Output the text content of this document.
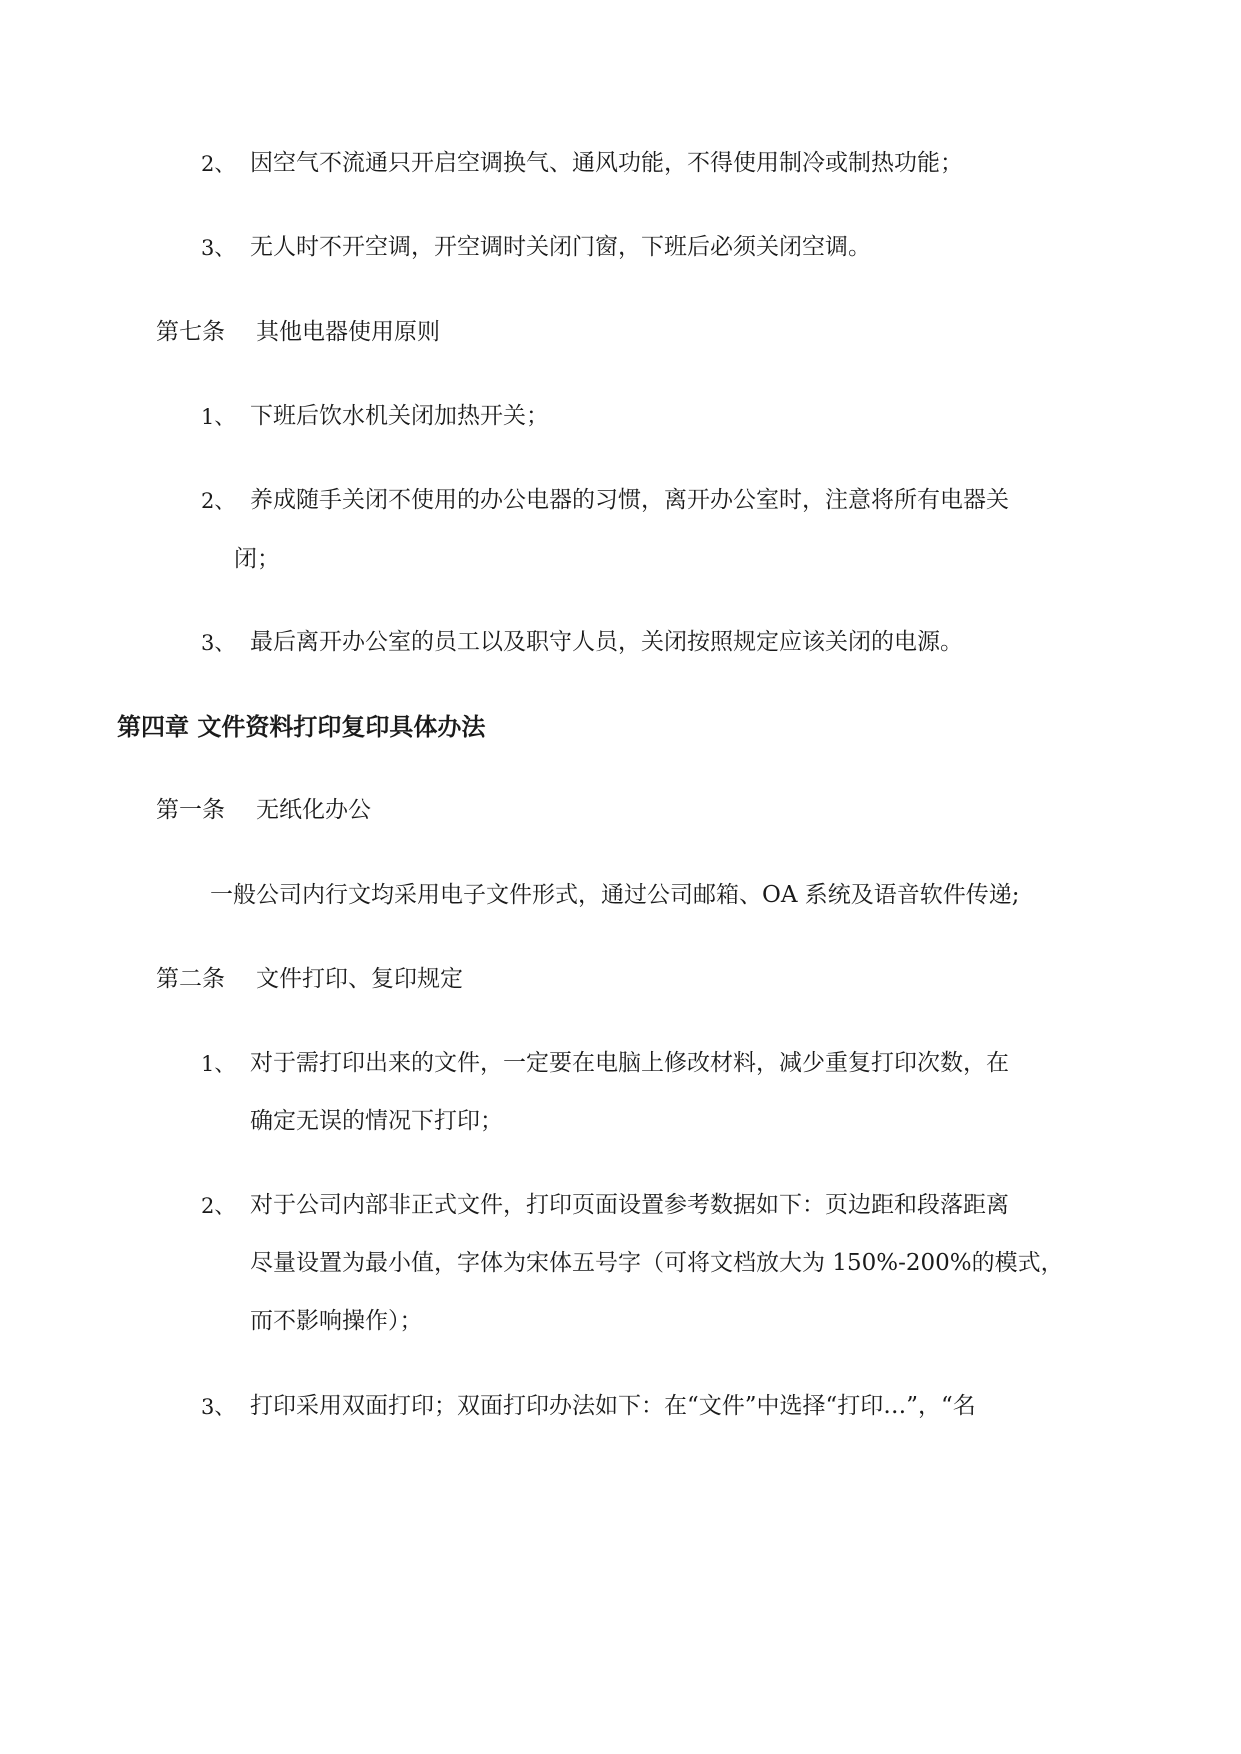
2、 因空气不流通只开启空调换气、通风功能，不得使用制冷或制热功能；
3、 无人时不开空调，开空调时关闭门窗，下班后必须关闭空调。
第七条 其他电器使用原则
1、 下班后饮水机关闭加热开关；
2、 养成随手关闭不使用的办公电器的习惯，离开办公室时，注意将所有电器关
闭；
3、 最后离开办公室的员工以及职守人员，关闭按照规定应该关闭的电源。
第四章 文件资料打印复印具体办法
第一条 无纸化办公
一般公司内行文均采用电子文件形式，通过公司邮箱、OA 系统及语音软件传递;
第二条 文件打印、复印规定
1、 对于需打印出来的文件，一定要在电脑上修改材料，减少重复打印次数，在
确定无误的情况下打印；
2、 对于公司内部非正式文件，打印页面设置参考数据如下：页边距和段落距离
尽量设置为最小值，字体为宋体五号字（可将文档放大为 150%-200%的模式，
而不影响操作）；
3、 打印采用双面打印；双面打印办法如下：在“文件”中选择“打印…”，“名
